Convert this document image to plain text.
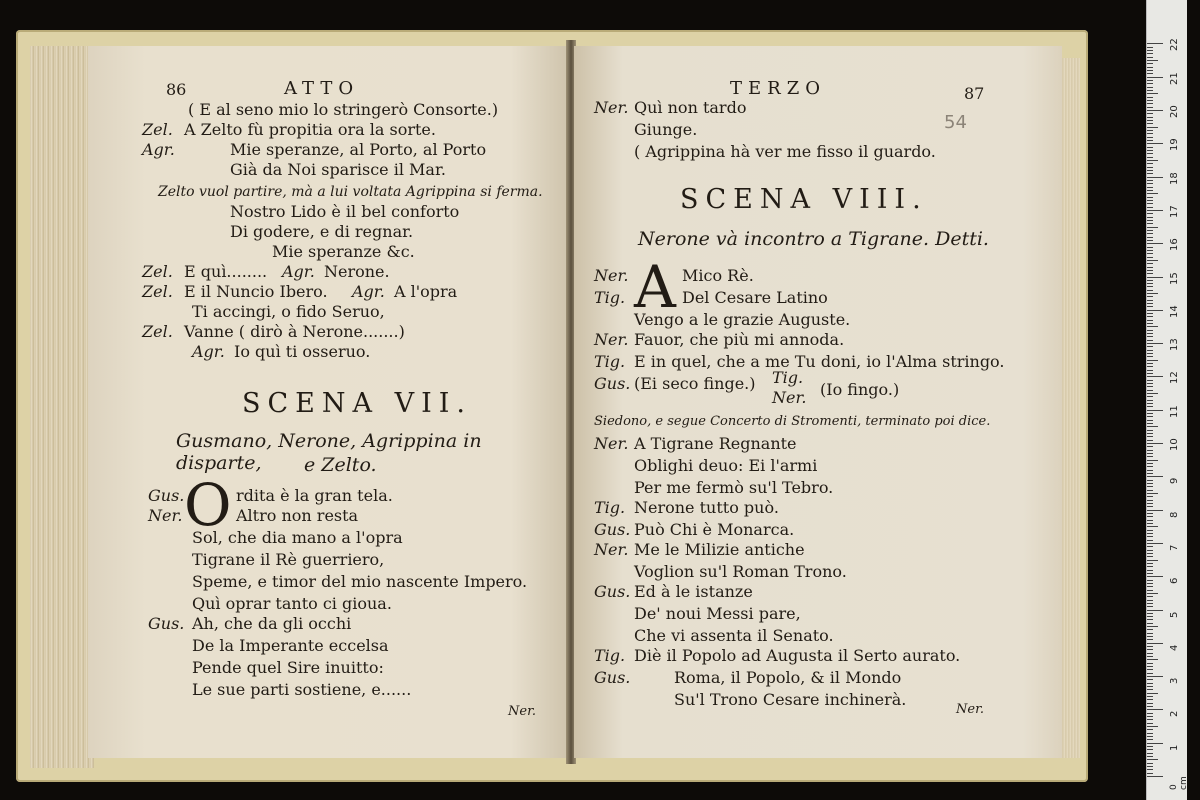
86	ATTO
( E al seno mio lo stringerò Consorte.)
Zel. A Zelto fù propitia ora la sorte.
Agr.	Mie speranze, al Porto, al Porto
Già da Noi sparisce il Mar.
Zelto vuol partire, mà a lui voltata Agrippina si ferma.
Nostro Lido è il bel conforto
Di godere, e di regnar.
Mie speranze &c.
Zel. E quì........ Agr. Nerone.
Zel. E il Nuncio Ibero. Agr. A l'opra
Ti accingi, o fido Seruo,
Zel. Vanne ( dirò à Nerone.......)
Agr. Io quì ti osseruo.
SCENA VII.
Gusmano, Nerone, Agrippina in disparte,	e Zelto.
Gus. O rdita è la gran tela.
Ner.	Altro non resta
Sol, che dia mano a l'opra
Tigrane il Rè guerriero,
Speme, e timor del mio nascente Impero.
Quì oprar tanto ci gioua.
Gus. Ah, che da gli occhi
De la Imperante eccelsa
Pende quel Sire inuitto:
Le sue parti sostiene, e......
Ner.
TERZO	87
54
Ner. Quì non tardo
Giunge.
( Agrippina hà ver me fisso il guardo.
SCENA VIII.
Nerone và incontro a Tigrane. Detti.
A
Ner.	Mico Rè.
Tig.	Del Cesare Latino
Vengo a le grazie Auguste.
Ner. Fauor, che più mi annoda.
Tig. E in quel, che a me Tu doni, io l'Alma stringo.
Gus. (Ei seco finge.) Tig.
(Io fingo.)
Ner.
Siedono, e segue Concerto di Stromenti, terminato poi dice.
Ner. A Tigrane Regnante
Oblighi deuo: Ei l'armi
Per me fermò su'l Tebro.
Tig. Nerone tutto può.
Gus. Può Chi è Monarca.
Ner. Me le Milizie antiche
Voglion su'l Roman Trono.
Gus. Ed à le istanze
De' noui Messi pare,
Che vi assenta il Senato.
Tig. Diè il Popolo ad Augusta il Serto aurato.
Gus.	Roma, il Popolo, & il Mondo
Su'l Trono Cesare inchinerà.
Ner.
0 cm
1
2
3
4
5
6
7
8
9
10
11
12
13
14
15
16
17
18
19
20
21
22
